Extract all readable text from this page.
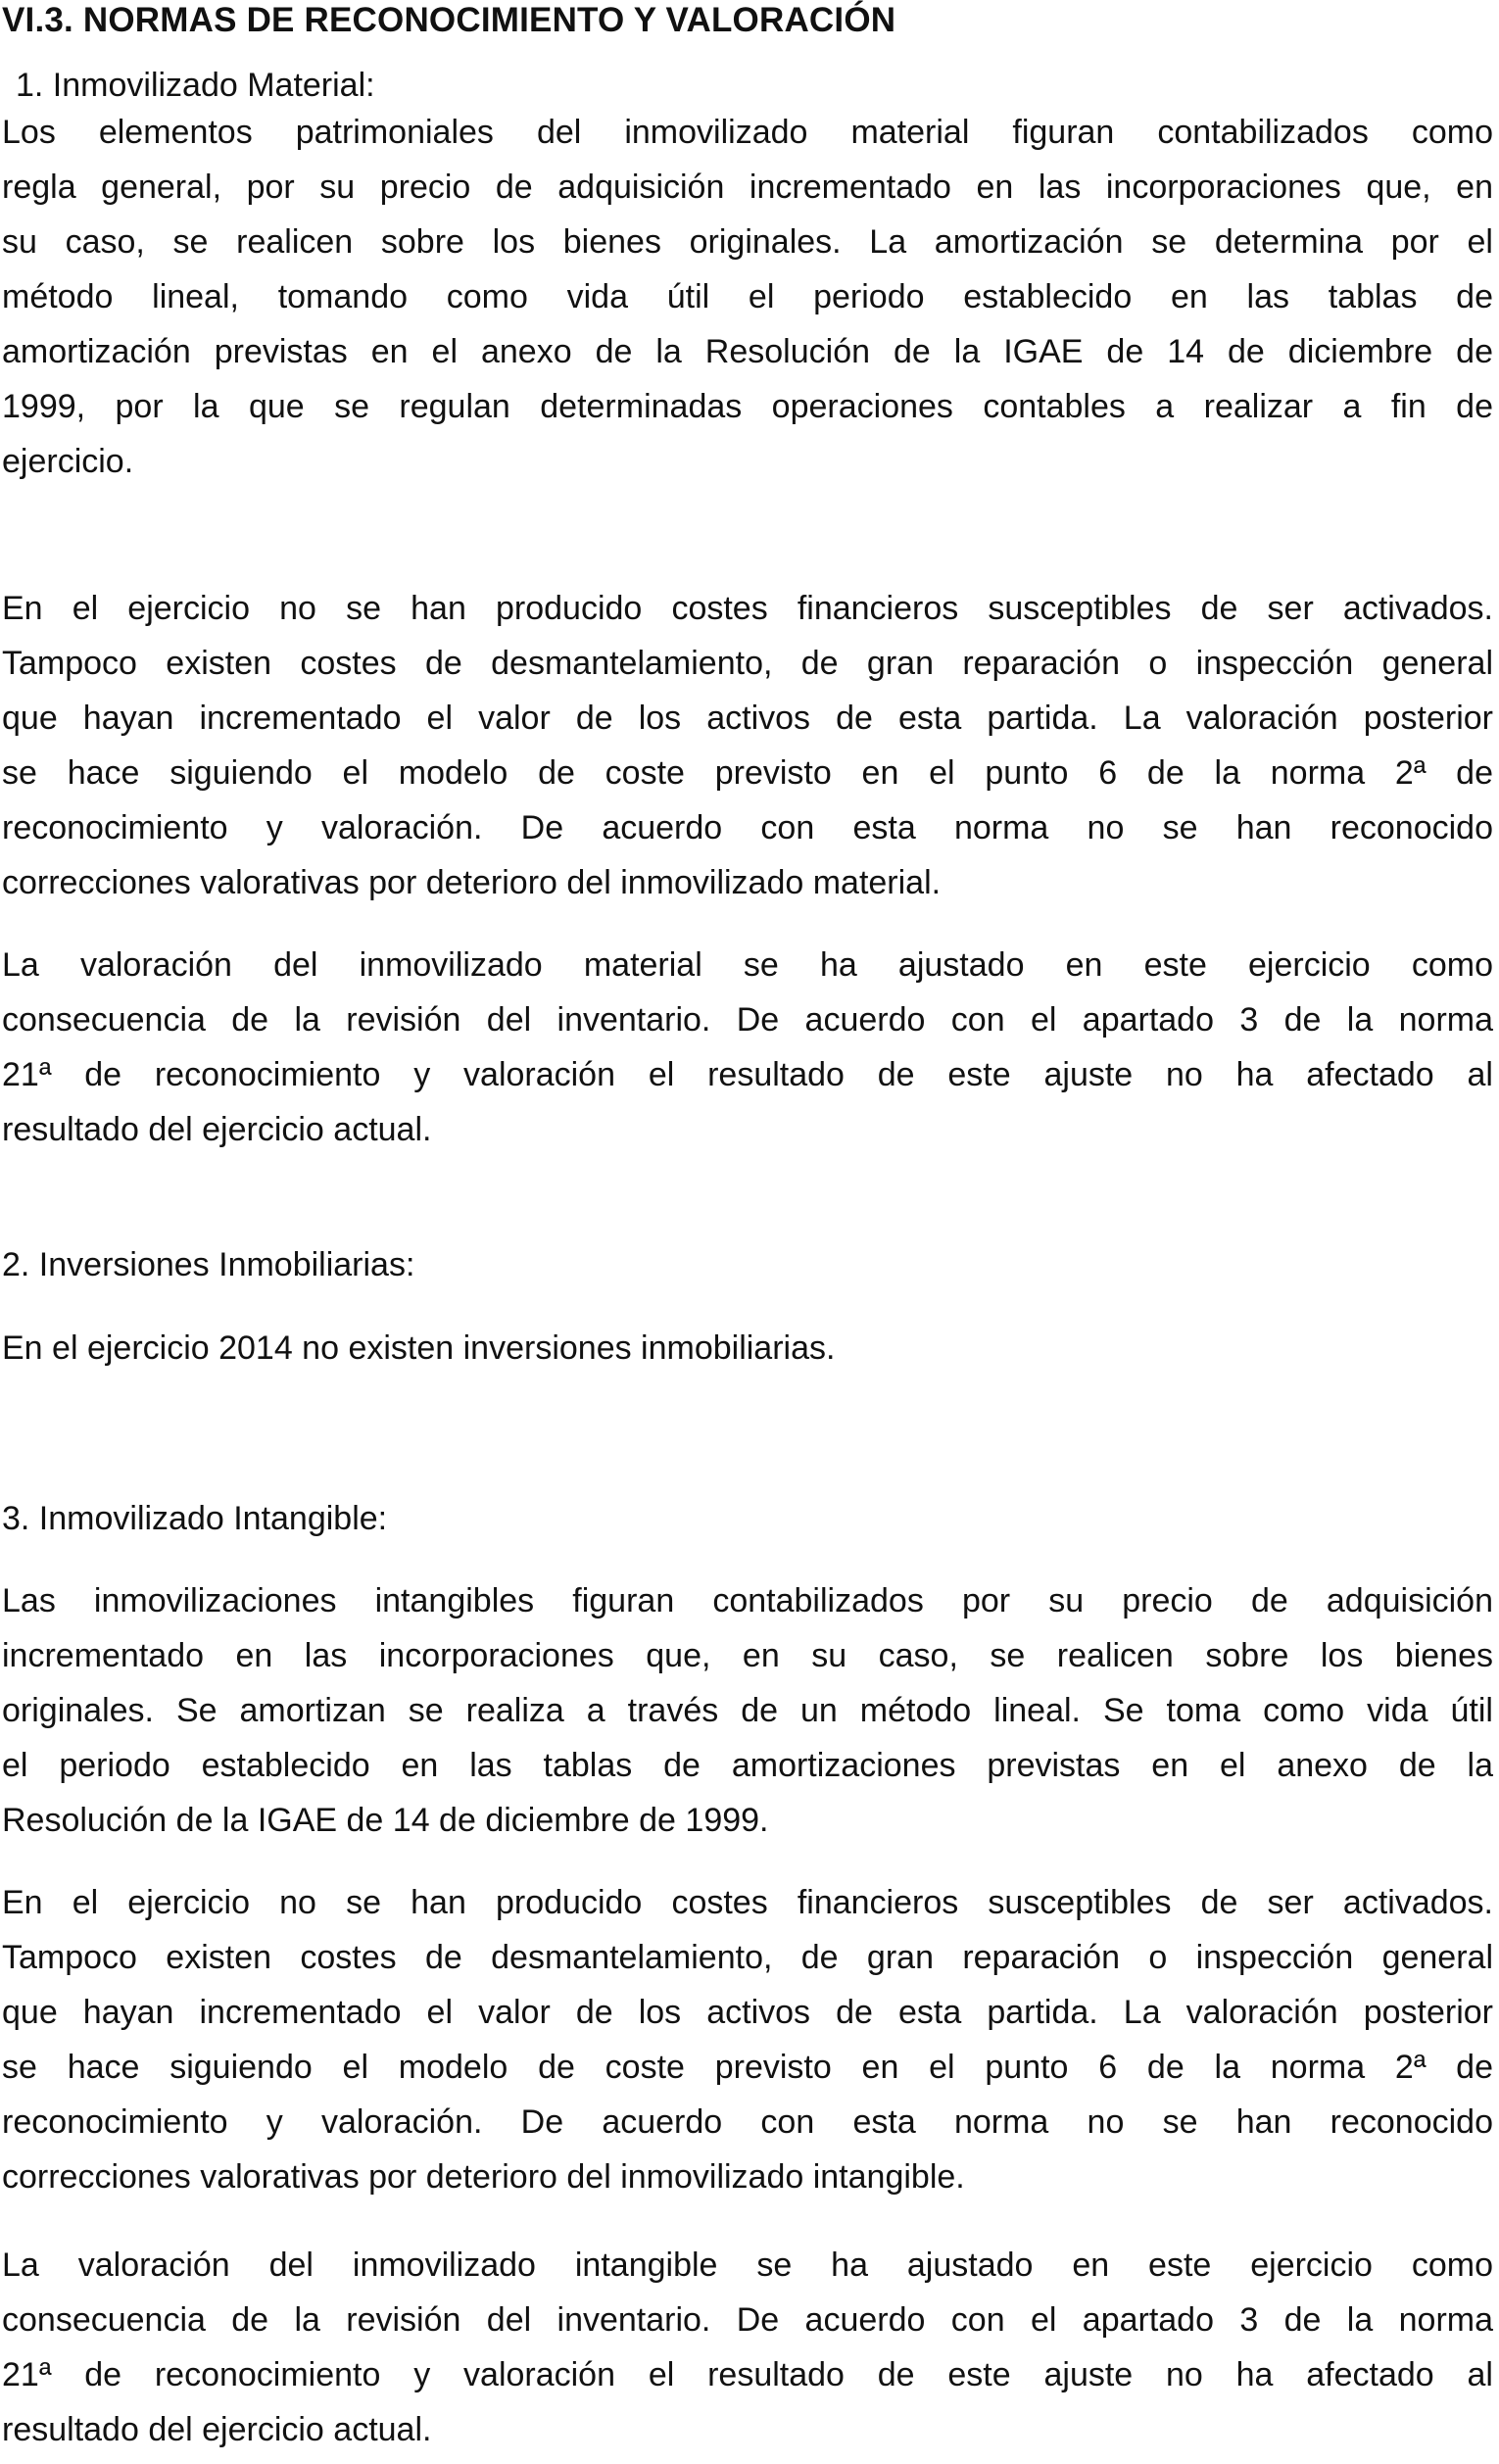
VI.3. NORMAS DE RECONOCIMIENTO Y VALORACIÓN
1. Inmovilizado Material:
Los elementos patrimoniales del inmovilizado material figuran contabilizados como
regla general, por su precio de adquisición incrementado en las incorporaciones que, en
su caso, se realicen sobre los bienes originales. La amortización se determina por el
método lineal, tomando como vida útil el periodo establecido en las tablas de
amortización previstas en el anexo de la Resolución de la IGAE de 14 de diciembre de
1999, por la que se regulan determinadas operaciones contables a realizar a fin de
ejercicio.
En el ejercicio no se han producido costes financieros susceptibles de ser activados.
Tampoco existen costes de desmantelamiento, de gran reparación o inspección general
que hayan incrementado el valor de los activos de esta partida. La valoración posterior
se hace siguiendo el modelo de coste previsto en el punto 6 de la norma 2ª de
reconocimiento y valoración. De acuerdo con esta norma no se han reconocido
correcciones valorativas por deterioro del inmovilizado material.
La valoración del inmovilizado material se ha ajustado en este ejercicio como
consecuencia de la revisión del inventario. De acuerdo con el apartado 3 de la norma
21ª de reconocimiento y valoración el resultado de este ajuste no ha afectado al
resultado del ejercicio actual.
2. Inversiones Inmobiliarias:
En el ejercicio 2014 no existen inversiones inmobiliarias.
3. Inmovilizado Intangible:
Las inmovilizaciones intangibles figuran contabilizados por su precio de adquisición
incrementado en las incorporaciones que, en su caso, se realicen sobre los bienes
originales. Se amortizan se realiza a través de un método lineal. Se toma como vida útil
el periodo establecido en las tablas de amortizaciones previstas en el anexo de la
Resolución de la IGAE de 14 de diciembre de 1999.
En el ejercicio no se han producido costes financieros susceptibles de ser activados.
Tampoco existen costes de desmantelamiento, de gran reparación o inspección general
que hayan incrementado el valor de los activos de esta partida. La valoración posterior
se hace siguiendo el modelo de coste previsto en el punto 6 de la norma 2ª de
reconocimiento y valoración. De acuerdo con esta norma no se han reconocido
correcciones valorativas por deterioro del inmovilizado intangible.
La valoración del inmovilizado intangible se ha ajustado en este ejercicio como
consecuencia de la revisión del inventario. De acuerdo con el apartado 3 de la norma
21ª de reconocimiento y valoración el resultado de este ajuste no ha afectado al
resultado del ejercicio actual.
